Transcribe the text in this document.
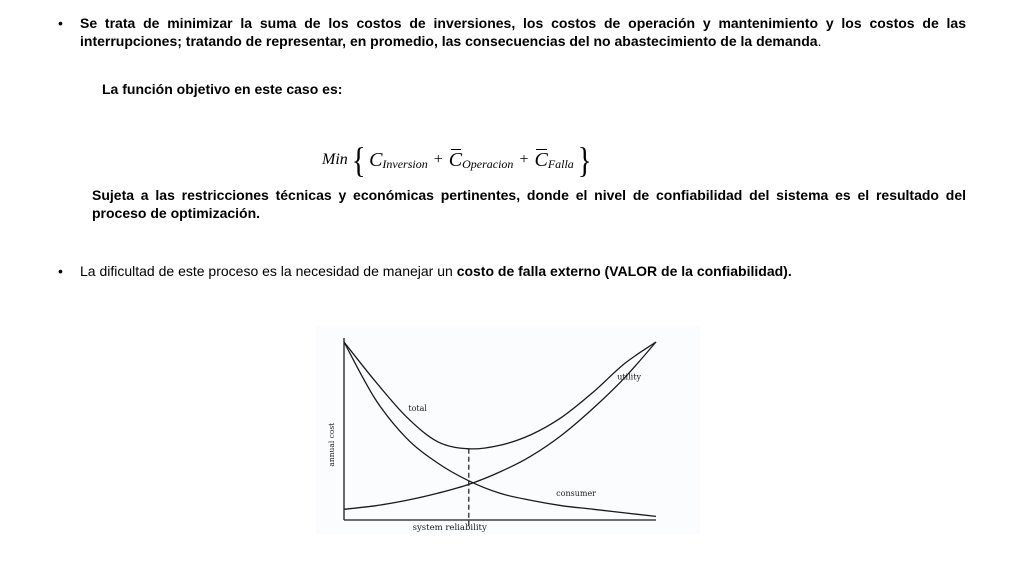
•	Se trata de minimizar la suma de los costos de inversiones, los costos de operación y mantenimiento y los costos de las interrupciones; tratando de representar, en promedio, las consecuencias del no abastecimiento de la demanda.
La función objetivo en este caso es:
Min { $C_{Inversion} + C_{Operacion} + C_{Falla}$ }
Sujeta a las restricciones técnicas y económicas pertinentes, donde el nivel de confiabilidad del sistema es el resultado del proceso de optimización.
•	La dificultad de este proceso es la necesidad de manejar un costo de falla externo (VALOR de la confiabilidad).
total
utility
consumer
system reliability
annual cost
